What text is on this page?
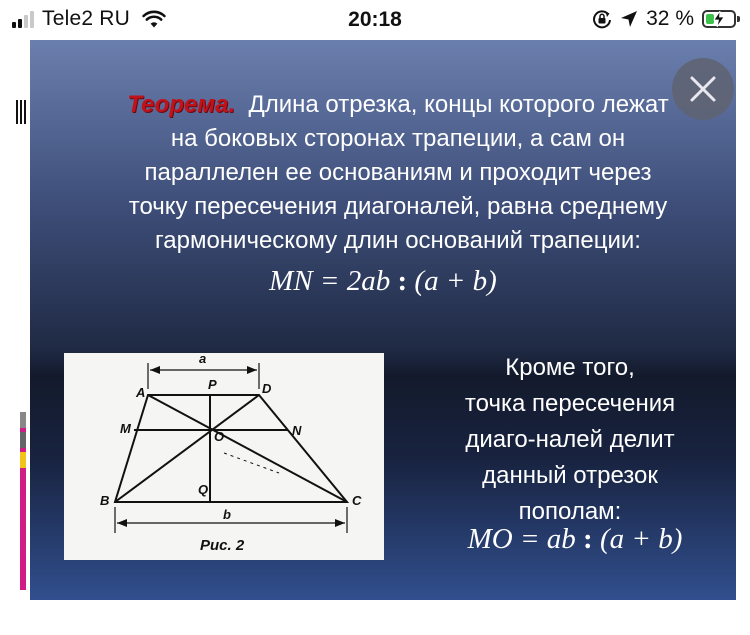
Tele2 RU	20:18	32 %
Теорема. Длина отрезка, концы которого лежат
на боковых сторонах трапеции, а сам он
параллелен ее основаниям и проходит через
точку пересечения диагоналей, равна среднему
гармоническому длин оснований трапеции:
MN = 2ab : (a + b)
a
A
P	D
M	N
O
B
Q
C
b
Рис. 2
Кроме того,
точка пересечения
диаго-налей делит
данный отрезок
пополам:
MO = ab : (a + b)
